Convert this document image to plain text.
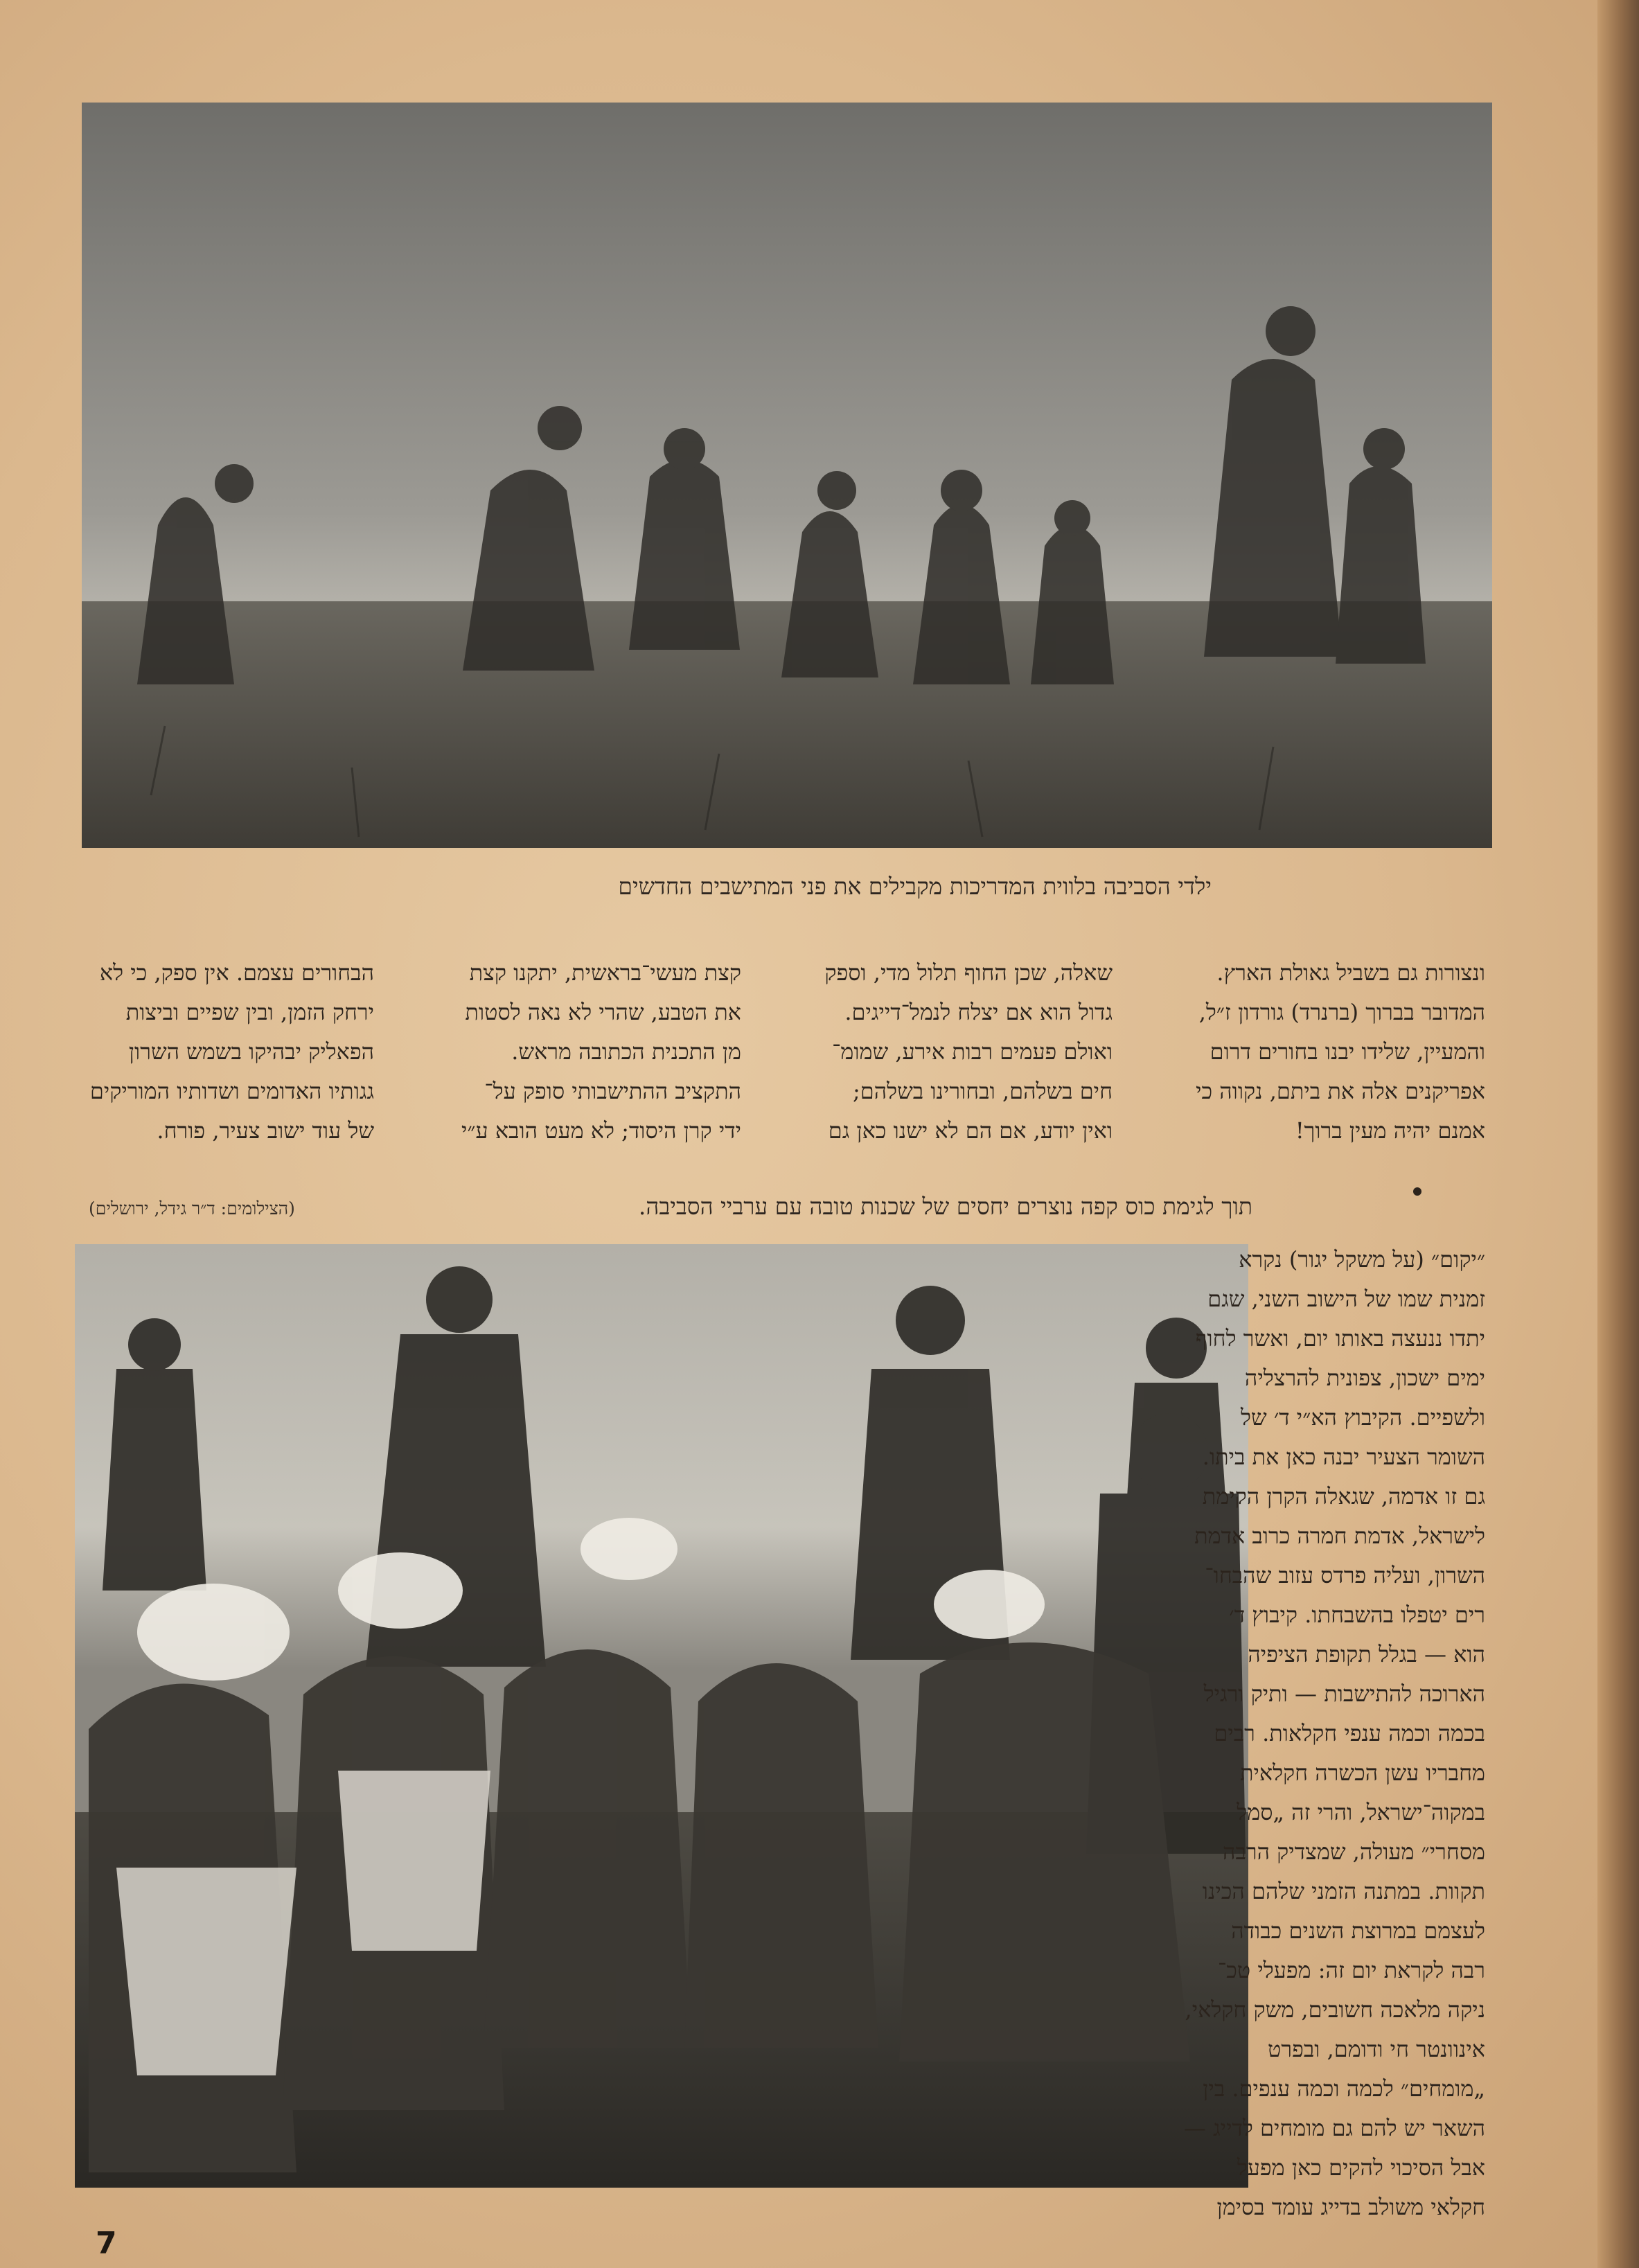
ילדי הסביבה בלווית המדריכות מקבילים את פני המתישבים החדשים

ונצורות גם בשביל גאולת הארץ.

המדובר בברוך (ברנרד) גורדון ז״ל,

והמעיין, שלידו יבנו בחורים דרום

אפריקנים אלה את ביתם, נקווה כי

אמנם יהיה מעין ברוך!

שאלה, שכן החוף תלול מדי, וספק

גדול הוא אם יצלח לנמל־דייגים.

ואולם פעמים רבות אירע, שמומ־

חים בשלהם, ובחורינו בשלהם;

ואין יודע, אם הם לא ישנו כאן גם

קצת מעשי־בראשית, יתקנו קצת

את הטבע, שהרי לא נאה לסטות

מן התכנית הכתובה מראש.

התקציב ההתישבותי סופק על־

ידי קרן היסוד; לא מעט הובא ע״י

הבחורים עצמם. אין ספק, כי לא

ירחק הזמן, ובין שפיים וביצות

הפאליק יבהיקו בשמש השרון

גגותיו האדומים ושדותיו המוריקים

של עוד ישוב צעיר, פורח.

תוך לגימת כוס קפה נוצרים יחסים של שכנות טובה עם ערביי הסביבה.
(הצילומים: ד״ר גידל, ירושלים)

״יקום״ (על משקל יגור) נקרא

זמנית שמו של הישוב השני, שגם

יתדו ננעצה באותו יום, ואשר לחוף

ימים ישכון, צפונית להרצליה

ולשפיים. הקיבוץ הא״י ד׳ של

השומר הצעיר יבנה כאן את ביתו.

גם זו אדמה, שגאלה הקרן הקימת

לישראל, אדמת חמרה כרוב אדמת

השרון, ועליה פרדס עזוב שהבחו־

רים יטפלו בהשבחתו. קיבוץ ד׳

הוא — בגלל תקופת הציפיה

הארוכה להתישבות — ותיק ורגיל

בכמה וכמה ענפי חקלאות. רבים

מחבריו עשן הכשרה חקלאית

במקוה־ישראל, והרי זה „סמל

מסחרי״ מעולה, שמצדיק הרבה

תקוות. במתנה הזמני שלהם הכינו

לעצמם במרוצת השנים כבודה

רבה לקראת יום זה: מפעלי טכ־

ניקה מלאכה חשובים, משק חקלאי,

אינוונטר חי ודומם, ובפרט

„מומחים״ לכמה וכמה ענפים. בין

השאר יש להם גם מומחים לדייג —

אבל הסיכוי להקים כאן מפעל

חקלאי משולב בדייג עומד בסימן

7
